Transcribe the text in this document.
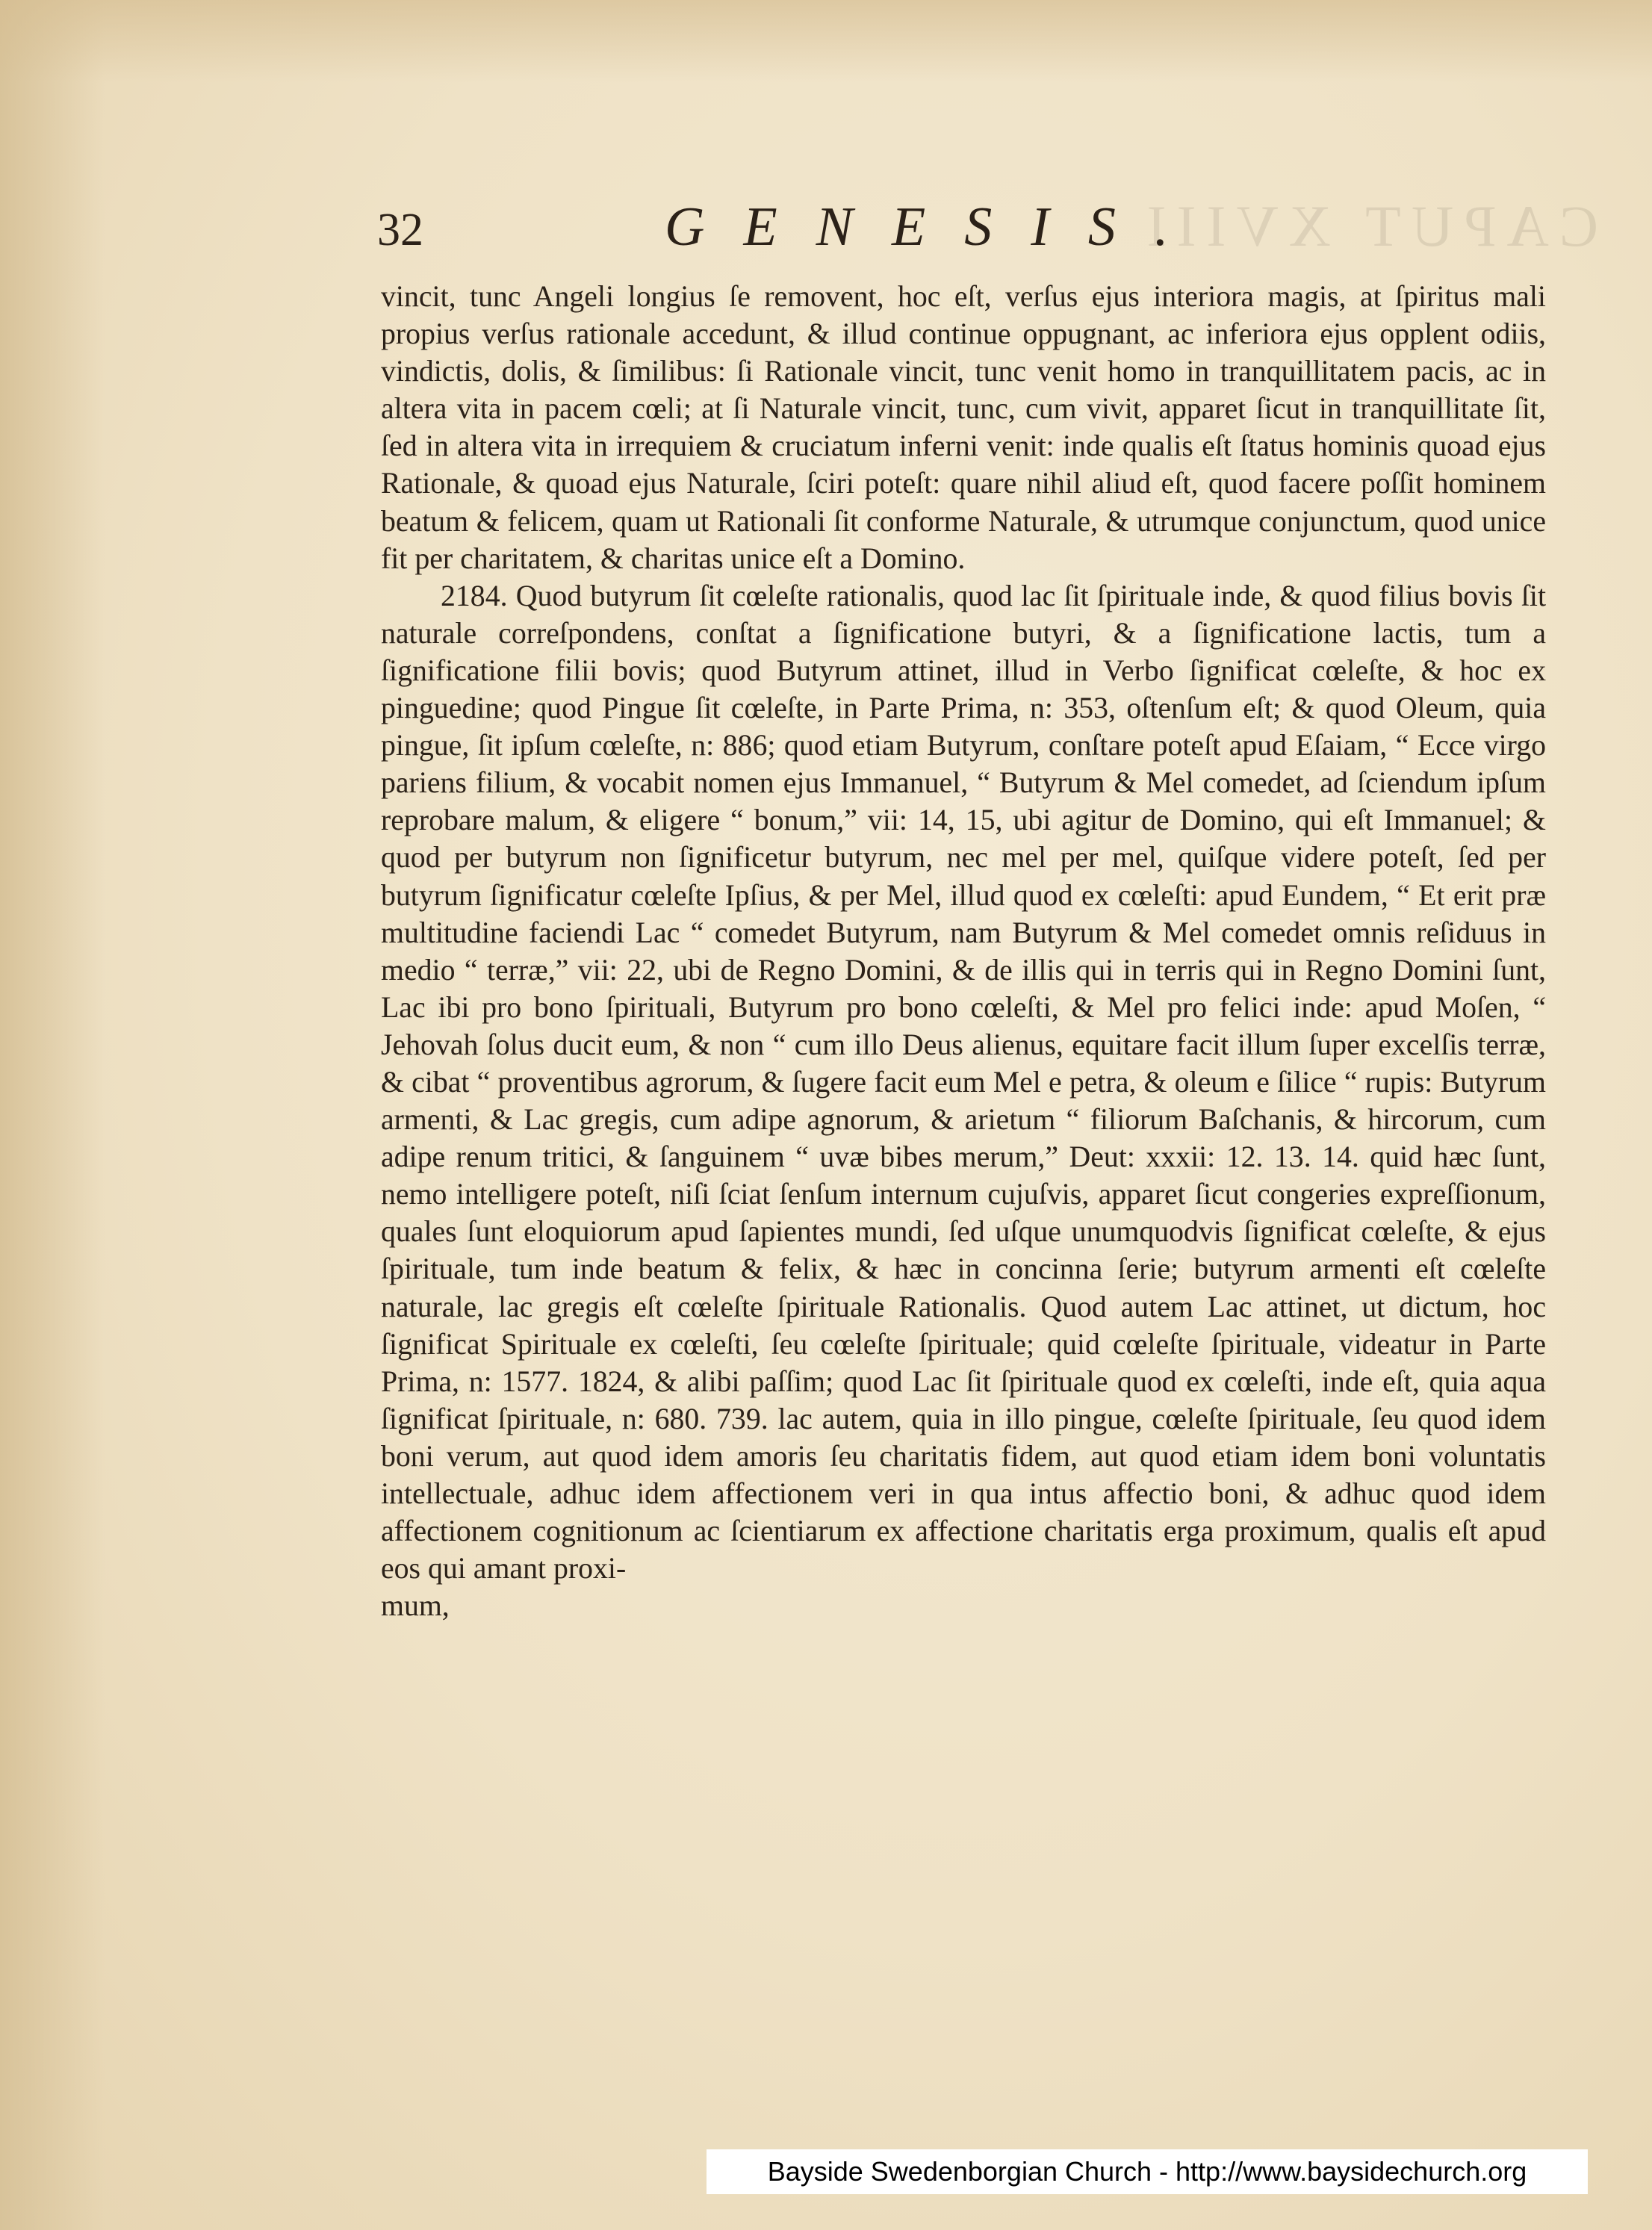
CAPUT XVIII
32	GENESIS.

vincit, tunc Angeli longius ſe removent, hoc eſt, verſus ejus interiora magis, at ſpiritus mali propius verſus rationale accedunt, & illud continue oppugnant, ac inferiora ejus opplent odiis, vindictis, dolis, & ſimilibus: ſi Rationale vincit, tunc venit homo in tranquillitatem pacis, ac in altera vita in pacem cœli; at ſi Naturale vincit, tunc, cum vivit, apparet ſicut in tranquillitate ſit, ſed in altera vita in irrequiem & cruciatum inferni venit: inde qualis eſt ſtatus hominis quoad ejus Rationale, & quoad ejus Naturale, ſciri poteſt: quare nihil aliud eſt, quod facere poſſit hominem beatum & felicem, quam ut Rationali ſit conforme Naturale, & utrumque conjunctum, quod unice fit per charitatem, & charitas unice eſt a Domino.

2184. Quod butyrum ſit cœleſte rationalis, quod lac ſit ſpirituale inde, & quod filius bovis ſit naturale correſpondens, conſtat a ſignificatione butyri, & a ſignificatione lactis, tum a ſignificatione filii bovis; quod Butyrum attinet, illud in Verbo ſignificat cœleſte, & hoc ex pinguedine; quod Pingue ſit cœleſte, in Parte Prima, n: 353, oſtenſum eſt; & quod Oleum, quia pingue, ſit ipſum cœleſte, n: 886; quod etiam Butyrum, conſtare poteſt apud Eſaiam, “ Ecce virgo pariens filium, & vocabit nomen ejus Immanuel, “ Butyrum & Mel comedet, ad ſciendum ipſum reprobare malum, & eligere “ bonum,” vii: 14, 15, ubi agitur de Domino, qui eſt Immanuel; & quod per butyrum non ſignificetur butyrum, nec mel per mel, quiſque videre poteſt, ſed per butyrum ſignificatur cœleſte Ipſius, & per Mel, illud quod ex cœleſti: apud Eundem, “ Et erit præ multitudine faciendi Lac “ comedet Butyrum, nam Butyrum & Mel comedet omnis reſiduus in medio “ terræ,” vii: 22, ubi de Regno Domini, & de illis qui in terris qui in Regno Domini ſunt, Lac ibi pro bono ſpirituali, Butyrum pro bono cœleſti, & Mel pro felici inde: apud Moſen, “ Jehovah ſolus ducit eum, & non “ cum illo Deus alienus, equitare facit illum ſuper excelſis terræ, & cibat “ proventibus agrorum, & ſugere facit eum Mel e petra, & oleum e ſilice “ rupis: Butyrum armenti, & Lac gregis, cum adipe agnorum, & arietum “ filiorum Baſchanis, & hircorum, cum adipe renum tritici, & ſanguinem “ uvæ bibes merum,” Deut: xxxii: 12. 13. 14. quid hæc ſunt, nemo intelligere poteſt, niſi ſciat ſenſum internum cujuſvis, apparet ſicut congeries expreſſionum, quales ſunt eloquiorum apud ſapientes mundi, ſed uſque unumquodvis ſignificat cœleſte, & ejus ſpirituale, tum inde beatum & felix, & hæc in concinna ſerie; butyrum armenti eſt cœleſte naturale, lac gregis eſt cœleſte ſpirituale Rationalis. Quod autem Lac attinet, ut dictum, hoc ſignificat Spirituale ex cœleſti, ſeu cœleſte ſpirituale; quid cœleſte ſpirituale, videatur in Parte Prima, n: 1577. 1824, & alibi paſſim; quod Lac ſit ſpirituale quod ex cœleſti, inde eſt, quia aqua ſignificat ſpirituale, n: 680. 739. lac autem, quia in illo pingue, cœleſte ſpirituale, ſeu quod idem boni verum, aut quod idem amoris ſeu charitatis fidem, aut quod etiam idem boni voluntatis intellectuale, adhuc idem affectionem veri in qua intus affectio boni, & adhuc quod idem affectionem cognitionum ac ſcientiarum ex affectione charitatis erga proximum, qualis eſt apud eos qui amant proxi-

mum,

Bayside Swedenborgian Church - http://www.baysidechurch.org
